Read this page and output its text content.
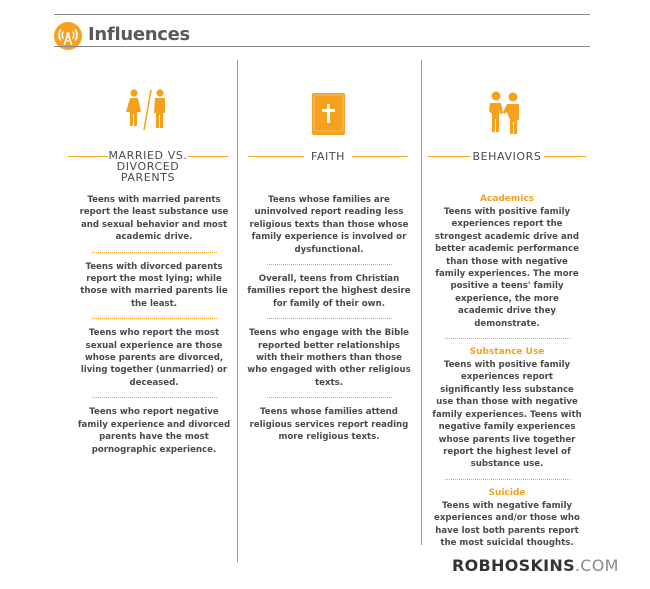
Influences
MARRIED VS.
DIVORCED
PARENTS
FAITH	BEHAVIORS

Teens with married parents report the least substance use and sexual behavior and most academic drive.

Teens with divorced parents report the most lying; while those with married parents lie the least.

Teens who report the most sexual experience are those whose parents are divorced, living together (unmarried) or deceased.

Teens who report negative family experience and divorced parents have the most pornographic experience.

Teens whose families are uninvolved report reading less religious texts than those whose family experience is involved or dysfunctional.

Overall, teens from Christian families report the highest desire for family of their own.

Teens who engage with the Bible reported better relationships with their mothers than those who engaged with other religious texts.

Teens whose families attend religious services report reading more religious texts.

Academics

Teens with positive family experiences report the strongest academic drive and better academic performance than those with negative family experiences. The more positive a teens' family experience, the more academic drive they demonstrate.

Substance Use

Teens with positive family experiences report significantly less substance use than those with negative family experiences. Teens with negative family experiences whose parents live together report the highest level of substance use.

Suicide

Teens with negative family experiences and/or those who have lost both parents report the most suicidal thoughts.

ROBHOSKINS.COM
